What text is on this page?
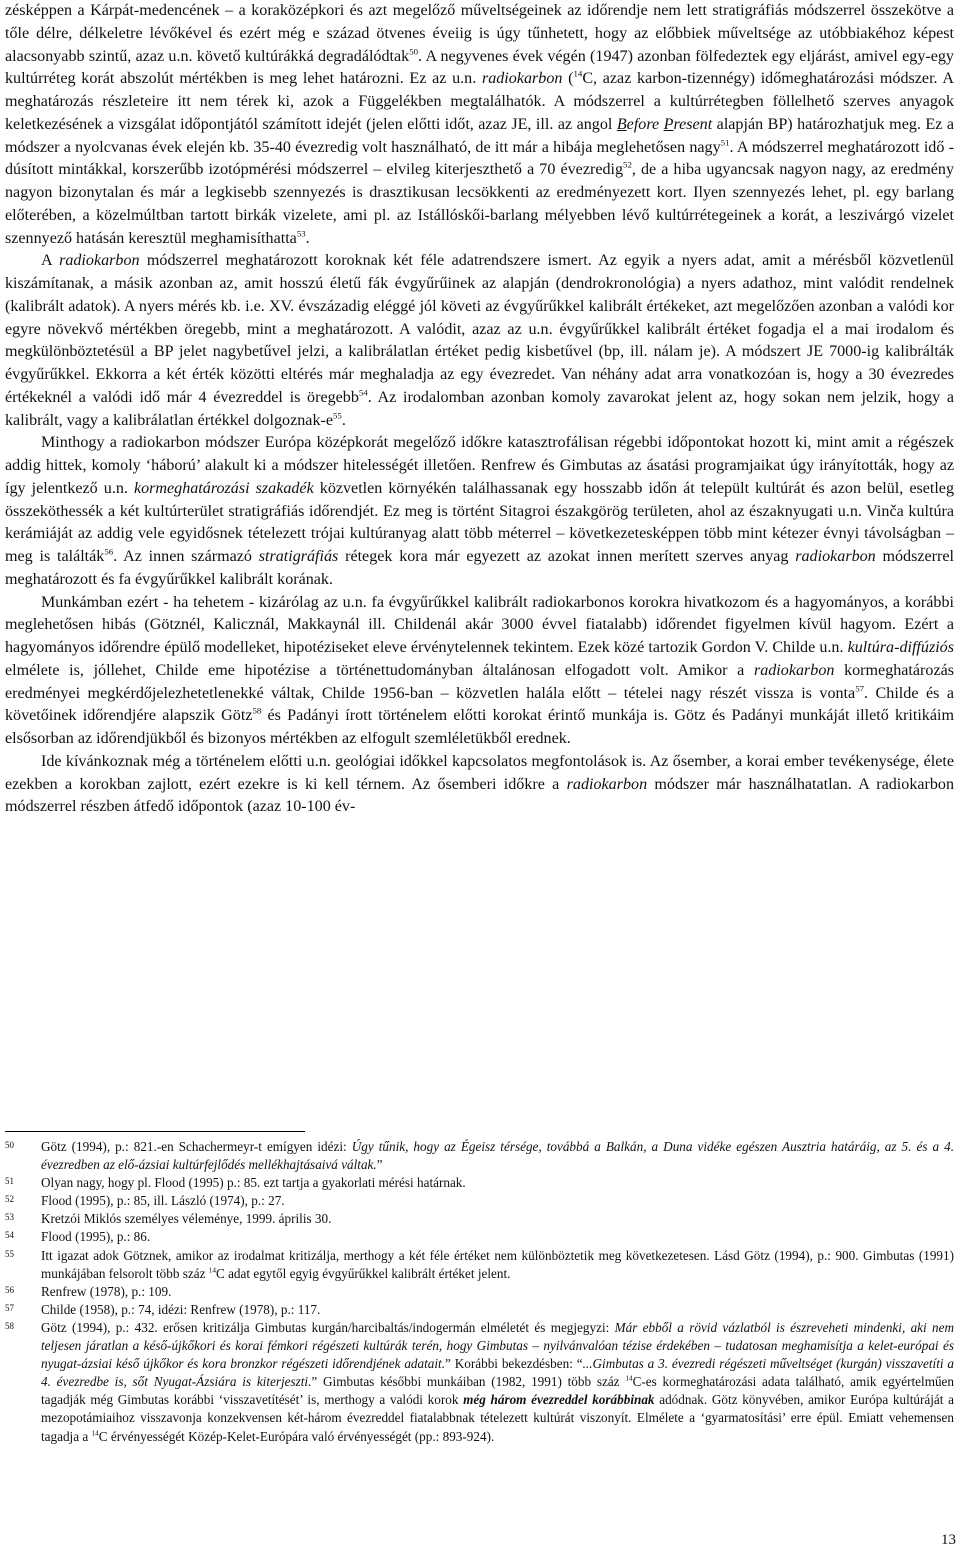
zésképpen a Kárpát-medencének – a koraközépkori és azt megelőző műveltségeinek az időrendje nem lett stratigráfiás módszerrel összekötve a tőle délre, délkeletre lévőkével és ezért még e század ötvenes éveiig is úgy tűnhetett, hogy az előbbiek műveltsége az utóbbiakéhoz képest alacsonyabb szintű, azaz u.n. követő kultúrákká degradálódtak$^{50}$. A negyvenes évek végén (1947) azonban fölfedeztek egy eljárást, amivel egy-egy kultúrréteg korát abszolút mértékben is meg lehet határozni. Ez az u.n. radiokarbon ($^{14}$C, azaz karbon-tizennégy) időmeghatározási módszer. A meghatározás részleteire itt nem térek ki, azok a Függelékben megtalálhatók. A módszerrel a kultúrrétegben föllelhető szerves anyagok keletkezésének a vizsgálat időpontjától számított idejét (jelen előtti időt, azaz JE, ill. az angol Before Present alapján BP) határozhatjuk meg. Ez a módszer a nyolcvanas évek elején kb. 35-40 évezredig volt használható, de itt már a hibája meglehetősen nagy$^{51}$. A módszerrel meghatározott idő - dúsított mintákkal, korszerűbb izotópmérési módszerrel – elvileg kiterjeszthető a 70 évezredig$^{52}$, de a hiba ugyancsak nagyon nagy, az eredmény nagyon bizonytalan és már a legkisebb szennyezés is drasztikusan lecsökkenti az eredményezett kort. Ilyen szennyezés lehet, pl. egy barlang előterében, a közelmúltban tartott birkák vizelete, ami pl. az Istállóskői-barlang mélyebben lévő kultúrrétegeinek a korát, a leszivárgó vizelet szennyező hatásán keresztül meghamisíthatta$^{53}$.

A radiokarbon módszerrel meghatározott koroknak két féle adatrendszere ismert. Az egyik a nyers adat, amit a mérésből közvetlenül kiszámítanak, a másik azonban az, amit hosszú életű fák évgyűrűinek az alapján (dendrokronológia) a nyers adathoz, mint valódit rendelnek (kalibrált adatok). A nyers mérés kb. i.e. XV. évszázadig eléggé jól követi az évgyűrűkkel kalibrált értékeket, azt megelőzően azonban a valódi kor egyre növekvő mértékben öregebb, mint a meghatározott. A valódit, azaz az u.n. évgyűrűkkel kalibrált értéket fogadja el a mai irodalom és megkülönböztetésül a BP jelet nagybetűvel jelzi, a kalibrálatlan értéket pedig kisbetűvel (bp, ill. nálam je). A módszert JE 7000-ig kalibrálták évgyűrűkkel. Ekkorra a két érték közötti eltérés már meghaladja az egy évezredet. Van néhány adat arra vonatkozóan is, hogy a 30 évezredes értékeknél a valódi idő már 4 évezreddel is öregebb$^{54}$. Az irodalomban azonban komoly zavarokat jelent az, hogy sokan nem jelzik, hogy a kalibrált, vagy a kalibrálatlan értékkel dolgoznak-$e^{55}$.

Minthogy a radiokarbon módszer Európa középkorát megelőző időkre katasztrofálisan régebbi időpontokat hozott ki, mint amit a régészek addig hittek, komoly ‘háború’ alakult ki a módszer hitelességét illetően. Renfrew és Gimbutas az ásatási programjaikat úgy irányították, hogy az így jelentkező u.n. kormeghatározási szakadék közvetlen környékén találhassanak egy hosszabb időn át települt kultúrát és azon belül, esetleg összeköthessék a két kultúrterület stratigráfiás időrendjét. Ez meg is történt Sitagroi északgörög területen, ahol az északnyugati u.n. Vinča kultúra kerámiáját az addig vele egyidősnek tételezett trójai kultúranyag alatt több méterrel – következetesképpen több mint kétezer évnyi távolságban – meg is találták$^{56}$. Az innen származó stratigráfiás rétegek kora már egyezett az azokat innen merített szerves anyag radiokarbon módszerrel meghatározott és fa évgyűrűkkel kalibrált korának.

Munkámban ezért - ha tehetem - kizárólag az u.n. fa évgyűrűkkel kalibrált radiokarbonos korokra hivatkozom és a hagyományos, a korábbi meglehetősen hibás (Götznél, Kalicznál, Makkaynál ill. Childenál akár 3000 évvel fiatalabb) időrendet figyelmen kívül hagyom. Ezért a hagyományos időrendre épülő modelleket, hipotéziseket eleve érvénytelennek tekintem. Ezek közé tartozik Gordon V. Childe u.n. kultúra-diffúziós elmélete is, jóllehet, Childe eme hipotézise a történettudományban általánosan elfogadott volt. Amikor a radiokarbon kormeghatározás eredményei megkérdőjelezhetetlenekké váltak, Childe 1956-ban – közvetlen halála előtt – tételei nagy részét vissza is vonta$^{57}$. Childe és a követőinek időrendjére alapszik Götz$^{58}$ és Padányi írott történelem előtti korokat érintő munkája is. Götz és Padányi munkáját illető kritikáim elsősorban az időrendjükből és bizonyos mértékben az elfogult szemléletükből erednek.

Ide kívánkoznak még a történelem előtti u.n. geológiai időkkel kapcsolatos megfontolások is. Az ősember, a korai ember tevékenysége, élete ezekben a korokban zajlott, ezért ezekre is ki kell térnem. Az ősemberi időkre a radiokarbon módszer már használhatatlan. A radiokarbon módszerrel részben átfedő időpontok (azaz 10-100 év-

50 Götz (1994), p.: 821.-en Schachermeyr-t emígyen idézi: Úgy tűnik, hogy az Égeisz térsége, továbbá a Balkán, a Duna vidéke egészen Ausztria határáig, az 5. és a 4. évezredben az elő-ázsiai kultúrfejlődés mellékhajtásaivá váltak.”

51 Olyan nagy, hogy pl. Flood (1995) p.: 85. ezt tartja a gyakorlati mérési határnak.

52 Flood (1995), p.: 85, ill. László (1974), p.: 27.

53 Kretzói Miklós személyes véleménye, 1999. április 30.

54 Flood (1995), p.: 86.

55 Itt igazat adok Götznek, amikor az irodalmat kritizálja, merthogy a két féle értéket nem különböztetik meg következetesen. Lásd Götz (1994), p.: 900. Gimbutas (1991) munkájában felsorolt több száz $^{14}$C adat egytől egyig évgyűrűkkel kalibrált értéket jelent.

56 Renfrew (1978), p.: 109.

57 Childe (1958), p.: 74, idézi: Renfrew (1978), p.: 117.

58 Götz (1994), p.: 432. erősen kritizálja Gimbutas kurgán/harcibaltás/indogermán elméletét és megjegyzi: Már ebből a rövid vázlatból is észreveheti mindenki, aki nem teljesen járatlan a késő-újkőkori és korai fémkori régészeti kultúrák terén, hogy Gimbutas – nyilvánvalóan tézise érdekében – tudatosan meghamisítja a kelet-európai és nyugat-ázsiai késő újkőkor és kora bronzkor régészeti időrendjének adatait.” Korábbi bekezdésben: “...Gimbutas a 3. évezredi régészeti műveltséget (kurgán) visszavetíti a 4. évezredbe is, sőt Nyugat-Ázsiára is kiterjeszti.” Gimbutas későbbi munkáiban (1982, 1991) több száz $^{14}$C-es kormeghatározási adata található, amik egyértelműen tagadják még Gimbutas korábbi ‘visszavetítését’ is, merthogy a valódi korok még három évezreddel korábbinak adódnak. Götz könyvében, amikor Európa kultúráját a mezopotámiaihoz visszavonja konzekvensen két-három évezreddel fiatalabbnak tételezett kultúrát viszonyít. Elmélete a ‘gyarmatosítási’ erre épül. Emiatt vehemensen tagadja a $^{14}$C érvényességét Közép-Kelet-Európára való érvényességét (pp.: 893-924).

13
